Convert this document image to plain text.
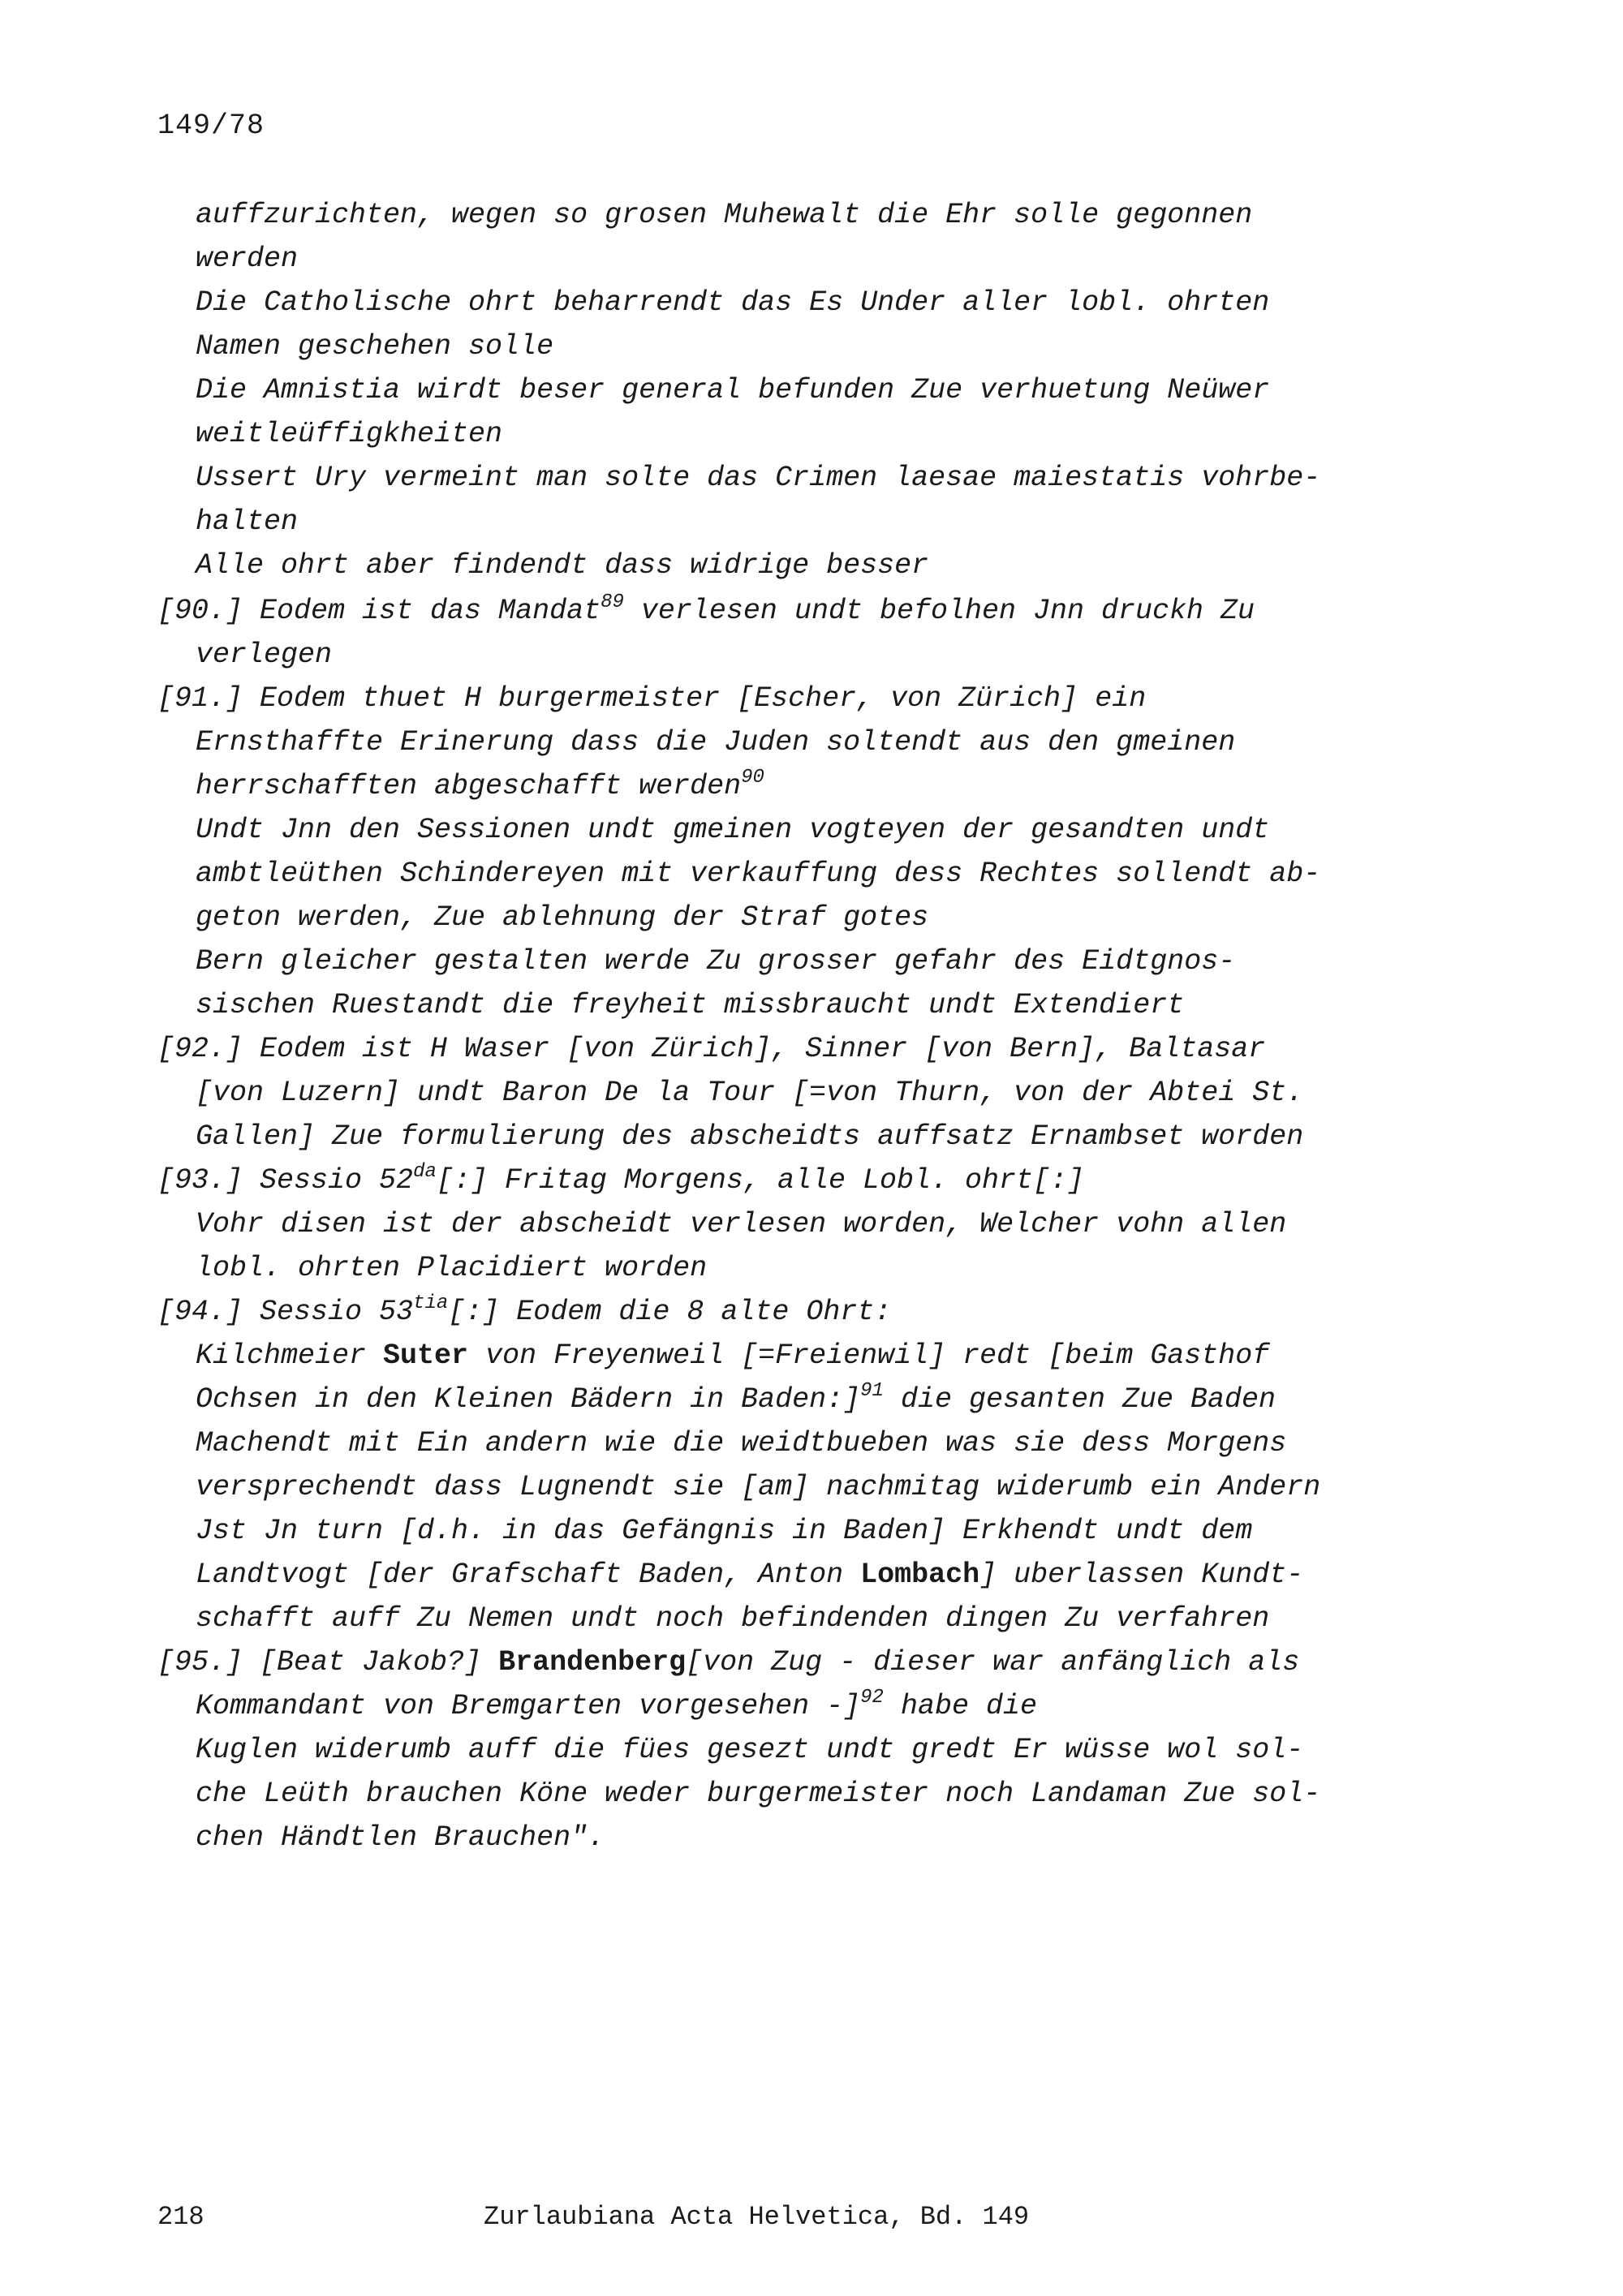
149/78
auffzurichten, wegen so grosen Muhewalt die Ehr solle gegonnen
werden
Die Catholische ohrt beharrendt das Es Under aller lobl. ohrten
Namen geschehen solle
Die Amnistia wirdt beser general befunden Zue verhuetung Neüwer
weitleüffigkheiten
Ussert Ury vermeint man solte das Crimen laesae maiestatis vohrbe-
halten
Alle ohrt aber findendt dass widrige besser
[90.] Eodem ist das Mandat$^{89}$ verlesen undt befolhen Jnn druckh Zu
verlegen
[91.] Eodem thuet H burgermeister [Escher, von Zürich] ein
Ernsthaffte Erinerung dass die Juden soltendt aus den gmeinen
herrschafften abgeschafft werden$^{90}$
Undt Jnn den Sessionen undt gmeinen vogteyen der gesandten undt
ambtleüthen Schindereyen mit verkauffung dess Rechtes sollendt ab-
geton werden, Zue ablehnung der Straf gotes
Bern gleicher gestalten werde Zu grosser gefahr des Eidtgnos-
sischen Ruestandt die freyheit missbraucht undt Extendiert
[92.] Eodem ist H Waser [von Zürich], Sinner [von Bern], Baltasar
[von Luzern] undt Baron De la Tour [=von Thurn, von der Abtei St.
Gallen] Zue formulierung des abscheidts auffsatz Ernambset worden
[93.] Sessio $52^{da}[:]$ Fritag Morgens, alle Lobl. ohrt[:]
Vohr disen ist der abscheidt verlesen worden, Welcher vohn allen
lobl. ohrten Placidiert worden
[94.] Sessio $53^{tia}[:]$ Eodem die 8 alte Ohrt:
Kilchmeier Suter von Freyenweil [=Freienwil] redt [beim Gasthof
Ochsen in den Kleinen Bädern in Baden:]$^{91}$ die gesanten Zue Baden
Machendt mit Ein andern wie die weidtbueben was sie dess Morgens
versprechendt dass Lugnendt sie [am] nachmitag widerumb ein Andern
Jst Jn turn [d.h. in das Gefängnis in Baden] Erkhendt undt dem
Landtvogt [der Grafschaft Baden, Anton Lombach] uberlassen Kundt-
schafft auff Zu Nemen undt noch befindenden dingen Zu verfahren
[95.] [Beat Jakob?] Brandenberg[von Zug - dieser war anfänglich als
Kommandant von Bremgarten vorgesehen -]$^{92}$ habe die
Kuglen widerumb auff die fües gesezt undt gredt Er wüsse wol sol-
che Leüth brauchen Köne weder burgermeister noch Landaman Zue sol-
chen Händtlen Brauchen".
218	Zurlaubiana Acta Helvetica, Bd. 149
